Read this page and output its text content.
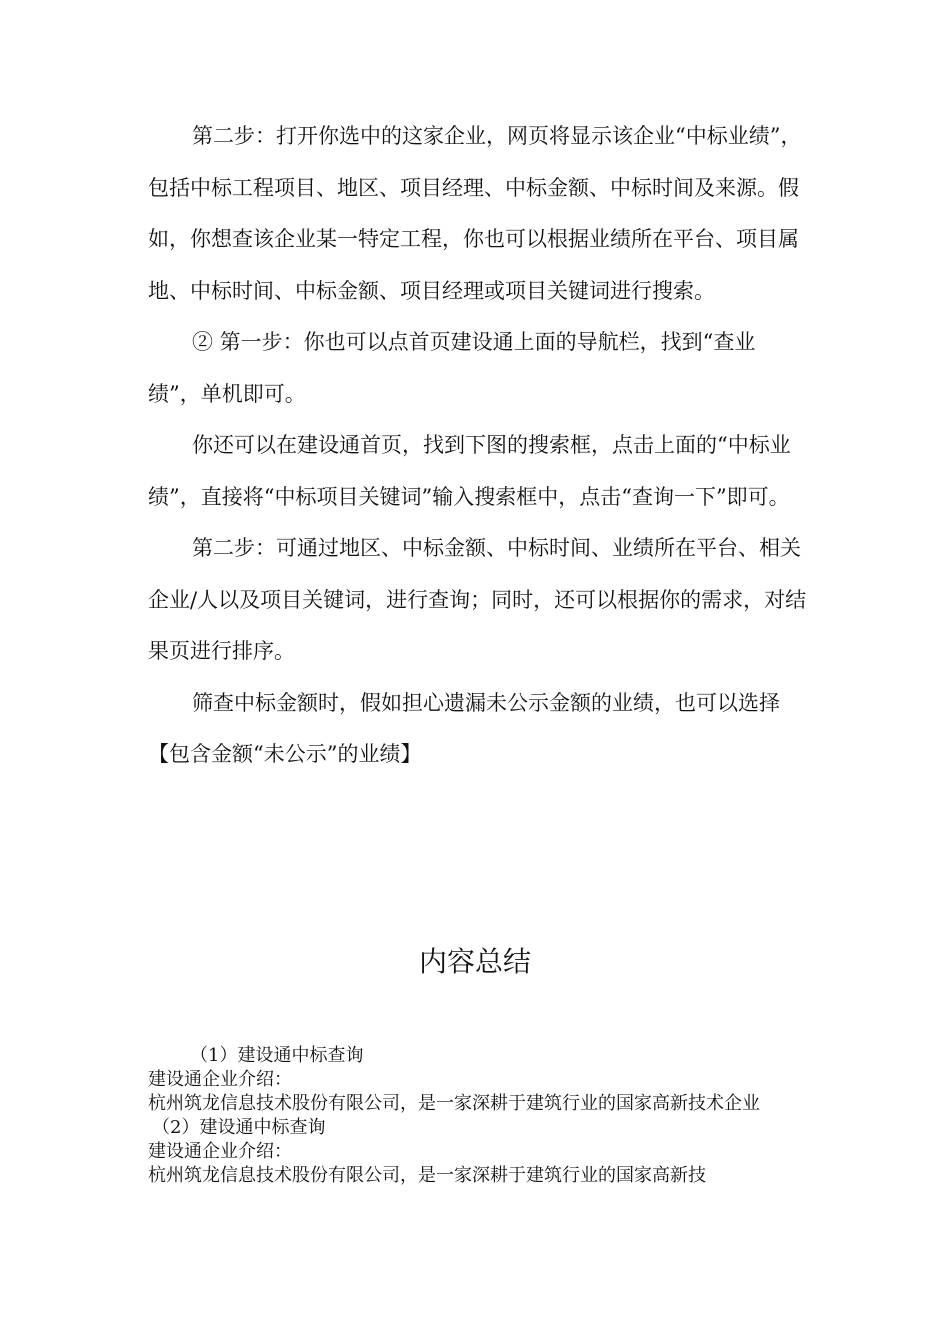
第二步：打开你选中的这家企业，网页将显示该企业“中标业绩”，包括中标工程项目、地区、项目经理、中标金额、中标时间及来源。假如，你想查该企业某一特定工程，你也可以根据业绩所在平台、项目属地、中标时间、中标金额、项目经理或项目关键词进行搜索。

② 第一步：你也可以点首页建设通上面的导航栏，找到“查业绩”，单机即可。

你还可以在建设通首页，找到下图的搜索框，点击上面的“中标业绩”，直接将“中标项目关键词”输入搜索框中，点击“查询一下”即可。

第二步：可通过地区、中标金额、中标时间、业绩所在平台、相关企业/人以及项目关键词，进行查询；同时，还可以根据你的需求，对结果页进行排序。

筛查中标金额时，假如担心遗漏未公示金额的业绩，也可以选择【包含金额“未公示”的业绩】

内容总结
（1）建设通中标查询
建设通企业介绍：
杭州筑龙信息技术股份有限公司，是一家深耕于建筑行业的国家高新技术企业
（2）建设通中标查询
建设通企业介绍：
杭州筑龙信息技术股份有限公司，是一家深耕于建筑行业的国家高新技
